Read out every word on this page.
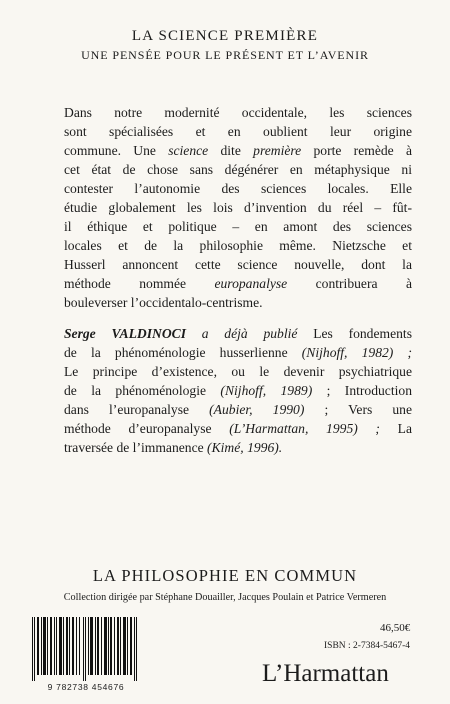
LA SCIENCE PREMIÈRE
UNE PENSÉE POUR LE PRÉSENT ET L’AVENIR
Dans notre modernité occidentale, les sciences
sont spécialisées et en oublient leur origine
commune. Une science dite première porte remède à
cet état de chose sans dégénérer en métaphysique ni
contester l’autonomie des sciences locales. Elle
étudie globalement les lois d’invention du réel – fût-
il éthique et politique – en amont des sciences
locales et de la philosophie même. Nietzsche et
Husserl annoncent cette science nouvelle, dont la
méthode nommée europanalyse contribuera à
bouleverser l’occidentalo-centrisme.
Serge VALDINOCI a déjà publié Les fondements
de la phénoménologie husserlienne (Nijhoff, 1982) ;
Le principe d’existence, ou le devenir psychiatrique
de la phénoménologie (Nijhoff, 1989) ; Introduction
dans l’europanalyse (Aubier, 1990) ; Vers une
méthode d’europanalyse (L’Harmattan, 1995) ; La
traversée de l’immanence (Kimé, 1996).
LA PHILOSOPHIE EN COMMUN
Collection dirigée par Stéphane Douailler, Jacques Poulain et Patrice Vermeren
9 782738 454676
46,50€
ISBN : 2-7384-5467-4
L’Harmattan
